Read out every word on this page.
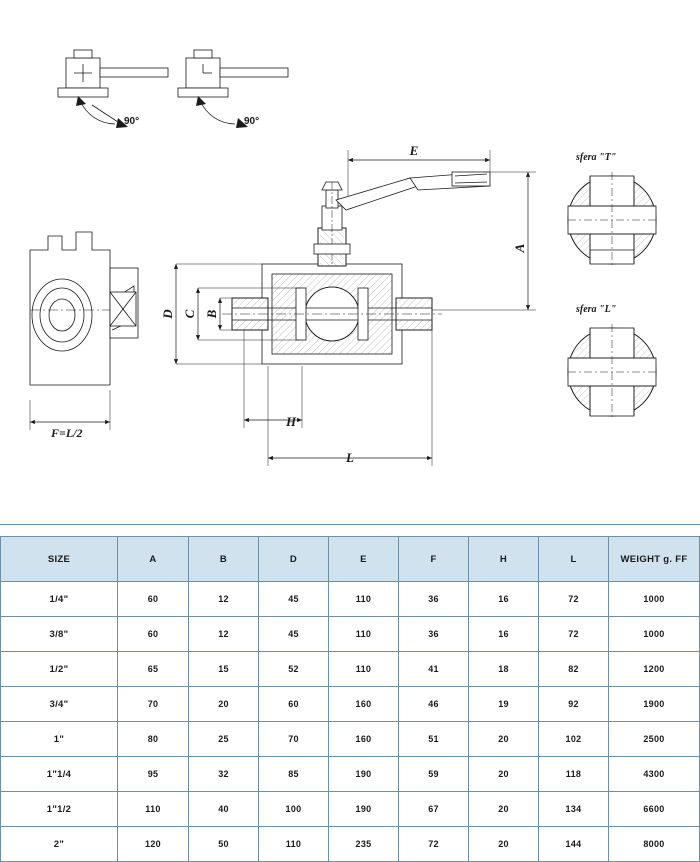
90°	90°
F=L/2
E
A
D C B
H
L
sfera "T"
sfera "L"
SIZE	A	B	D	E	F	H	L	WEIGHT g. FF
1/4"	60	12	45	110	36	16	72	1000
3/8"	60	12	45	110	36	16	72	1000
1/2"	65	15	52	110	41	18	82	1200
3/4"	70	20	60	160	46	19	92	1900
1"	80	25	70	160	51	20	102	2500
1"1/4	95	32	85	190	59	20	118	4300
1"1/2	110	40	100	190	67	20	134	6600
2"	120	50	110	235	72	20	144	8000
